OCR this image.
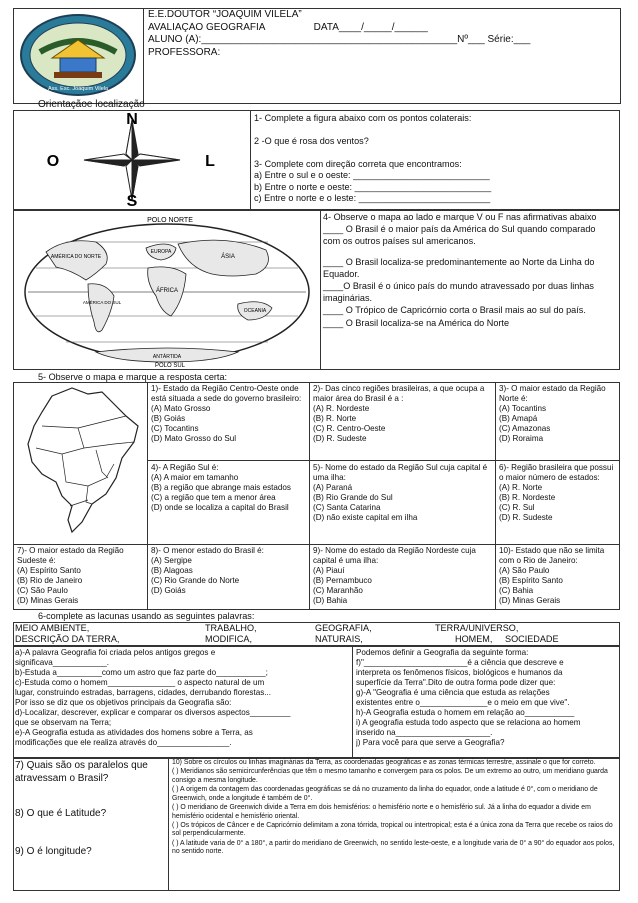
Ass. Esc. Joaquim Vilela
E.E.DOUTOR “JOAQUIM VILELA”
AVALIAÇÃO GEOGRAFIA	DATA____/_____/______
ALUNO (A):______________________________________________Nº___ Série:___
PROFESSORA:
Orientaçãoe localização
N
S
O	L
1- Complete a figura abaixo com os pontos colaterais:

2 -O que é rosa dos ventos?

3- Complete com direção correta que encontramos:
a) Entre o sul e o oeste: ___________________________
b) Entre o norte e oeste: ___________________________
c) Entre o norte e o leste: __________________________
POLO NORTE
AMÉRICA DO NORTE
EUROPA
ÁSIA
ÁFRICA
AMÉRICA DO SUL
OCEANIA
ANTÁRTIDA
POLO SUL
4- Observe o mapa ao lado e marque V ou F nas afirmativas abaixo
____ O Brasil é o maior país da América do Sul quando comparado com os outros países sul americanos.
____ O Brasil localiza-se predominantemente ao Norte da Linha do Equador.
____O Brasil é o único país do mundo atravessado por duas linhas imaginárias.
____ O Trópico de Capricórnio corta o Brasil mais ao sul do país.
____ O Brasil localiza-se na América do Norte
5- Observe o mapa e marque a resposta certa:
1)- Estado da Região Centro-Oeste onde está situada a sede do governo brasileiro:
(A) Mato Grosso
(B) Goiás
(C) Tocantins
(D) Mato Grosso do Sul
2)- Das cinco regiões brasileiras, a que ocupa a maior área do Brasil é a :
(A) R. Nordeste
(B) R. Norte
(C) R. Centro-Oeste
(D) R. Sudeste
3)- O maior estado da Região Norte é:
(A) Tocantins
(B) Amapá
(C) Amazonas
(D) Roraima
4)- A Região Sul é:
(A) A maior em tamanho
(B) a região que abrange mais estados
(C) a região que tem a menor área
(D) onde se localiza a capital do Brasil
5)- Nome do estado da Região Sul cuja capital é uma ilha:
(A) Paraná
(B) Rio Grande do Sul
(C) Santa Catarina
(D) não existe capital em ilha
6)- Região brasileira que possui o maior número de estados:
(A) R. Norte
(B) R. Nordeste
(C) R. Sul
(D) R. Sudeste
7)- O maior estado da Região Sudeste é:
(A) Espírito Santo
(B) Rio de Janeiro
(C) São Paulo
(D) Minas Gerais
8)- O menor estado do Brasil é:
(A) Sergipe
(B) Alagoas
(C) Rio Grande do Norte
(D) Goiás
9)- Nome do estado da Região Nordeste cuja capital é uma ilha:
(A) Piauí
(B) Pernambuco
(C) Maranhão
(D) Bahia
10)- Estado que não se limita com o Rio de Janeiro:
(A) São Paulo
(B) Espírito Santo
(C) Bahia
(D) Minas Gerais
6-complete as lacunas usando as seguintes palavras:
MEIO AMBIENTE,	TRABALHO,	GEOGRAFIA,	TERRA/UNIVERSO,
DESCRIÇÃO DA TERRA,	MODIFICA,	NATURAIS,	HOMEM, SOCIEDADE
a)-A palavra Geografia foi criada pelos antigos gregos e
significava____________.
b)-Estuda a__________como um astro que faz parte do___________;
c)-Estuda como o homem_______________ o aspecto natural de um
lugar, construindo estradas, barragens, cidades, derrubando florestas...
Por isso se diz que os objetivos principais da Geografia são:
d)-Localizar, descrever, explicar e comparar os diversos aspectos_________
que se observam na Terra;
e)-A Geografia estuda as atividades dos homens sobre a Terra, as
modificações que ele realiza através do________________.
Podemos definir a Geografia da seguinte forma:
f)"_______________________é a ciência que descreve e
interpreta os fenômenos físicos, biológicos e humanos da
superfície da Terra".Dito de outra forma pode dizer que:
g)-A "Geografia é uma ciência que estuda as relações
existentes entre o_______________e o meio em que vive".
h)-A Geografia estuda o homem em relação ao___________
i) A geografia estuda todo aspecto que se relaciona ao homem
inserido na_____________________.
j) Para você para que serve a Geografia?
7) Quais são os paralelos que atravessam o Brasil?
8) O que é Latitude?
9) O é longitude?
10) Sobre os círculos ou linhas imaginárias da Terra, as coordenadas geográficas e as zonas térmicas terrestre, assinale o que for correto.
( ) Meridianos são semicircunferências que têm o mesmo tamanho e convergem para os polos. De um extremo ao outro, um meridiano guarda consigo a mesma longitude.
( ) A origem da contagem das coordenadas geográficas se dá no cruzamento da linha do equador, onde a latitude é 0°, com o meridiano de Greenwich, onde a longitude é também de 0°.
( ) O meridiano de Greenwich divide a Terra em dois hemisférios: o hemisfério norte e o hemisfério sul. Já a linha do equador a divide em hemisfério ocidental e hemisfério oriental.
( ) Os trópicos de Câncer e de Capricórnio delimitam a zona tórrida, tropical ou intertropical; esta é a única zona da Terra que recebe os raios do sol perpendicularmente.
( ) A latitude varia de 0° a 180°, a partir do meridiano de Greenwich, no sentido leste-oeste, e a longitude varia de 0° a 90° do equador aos polos, no sentido norte.
